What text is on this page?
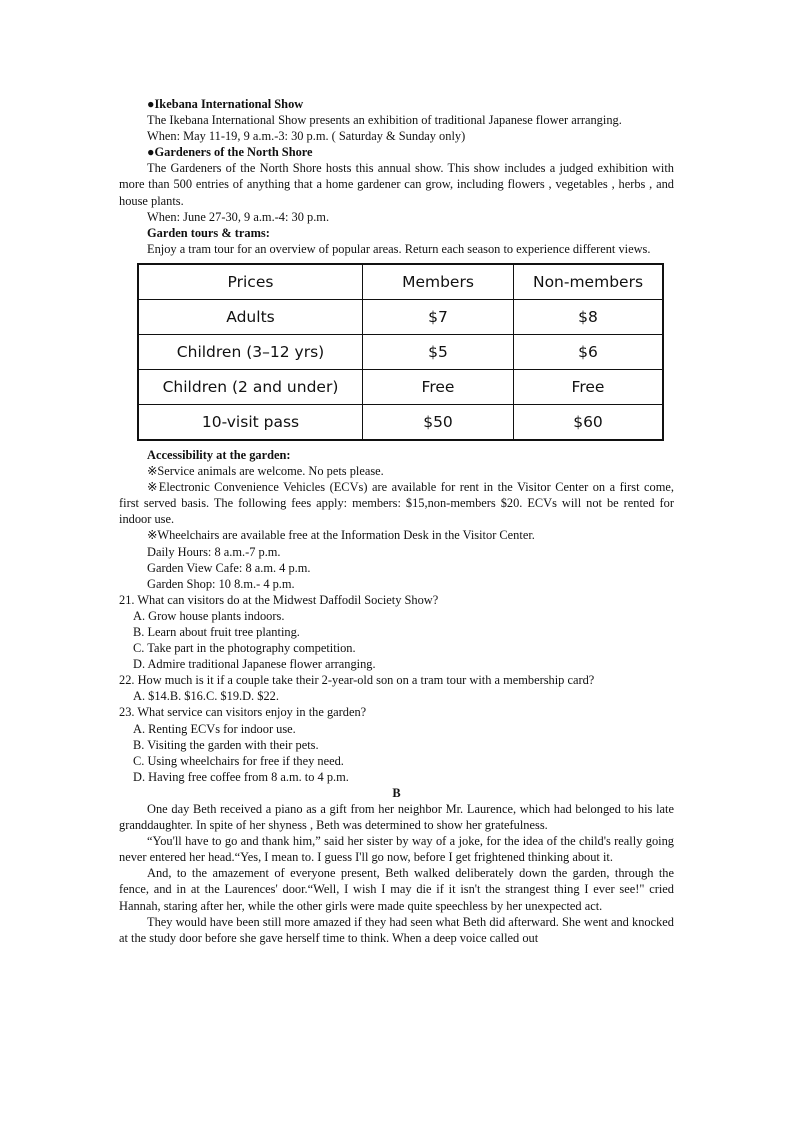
●Ikebana International Show

The Ikebana International Show presents an exhibition of traditional Japanese flower arranging.

When: May 11-19, 9 a.m.-3: 30 p.m. ( Saturday & Sunday only)

●Gardeners of the North Shore

The Gardeners of the North Shore hosts this annual show. This show includes a judged exhibition with more than 500 entries of anything that a home gardener can grow, including flowers , vegetables , herbs , and house plants.

When: June 27-30, 9 a.m.-4: 30 p.m.

Garden tours & trams:

Enjoy a tram tour for an overview of popular areas. Return each season to experience different views.

Prices	Members	Non-members
Adults	$7	$8
Children (3–12 yrs)	$5	$6
Children (2 and under)	Free	Free
10-visit pass	$50	$60

Accessibility at the garden:

※Service animals are welcome. No pets please.

※Electronic Convenience Vehicles (ECVs) are available for rent in the Visitor Center on a first come, first served basis. The following fees apply: members: $15,non-members $20. ECVs will not be rented for indoor use.

※Wheelchairs are available free at the Information Desk in the Visitor Center.

Daily Hours: 8 a.m.-7 p.m.

Garden View Cafe: 8 a.m. 4 p.m.

Garden Shop: 10 8.m.- 4 p.m.

21. What can visitors do at the Midwest Daffodil Society Show?

A. Grow house plants indoors.

B. Learn about fruit tree planting.

C. Take part in the photography competition.

D. Admire traditional Japanese flower arranging.

22. How much is it if a couple take their 2-year-old son on a tram tour with a membership card?

A. $14.B. $16.C. $19.D. $22.

23. What service can visitors enjoy in the garden?

A. Renting ECVs for indoor use.

B. Visiting the garden with their pets.

C. Using wheelchairs for free if they need.

D. Having free coffee from 8 a.m. to 4 p.m.

B

One day Beth received a piano as a gift from her neighbor Mr. Laurence, which had belonged to his late granddaughter. In spite of her shyness , Beth was determined to show her gratefulness.

“You'll have to go and thank him,” said her sister by way of a joke, for the idea of the child's really going never entered her head.“Yes, I mean to. I guess I'll go now, before I get frightened thinking about it.

And, to the amazement of everyone present, Beth walked deliberately down the garden, through the fence, and in at the Laurences' door.“Well, I wish I may die if it isn't the strangest thing I ever see!" cried Hannah, staring after her, while the other girls were made quite speechless by her unexpected act.

They would have been still more amazed if they had seen what Beth did afterward. She went and knocked at the study door before she gave herself time to think. When a deep voice called out
